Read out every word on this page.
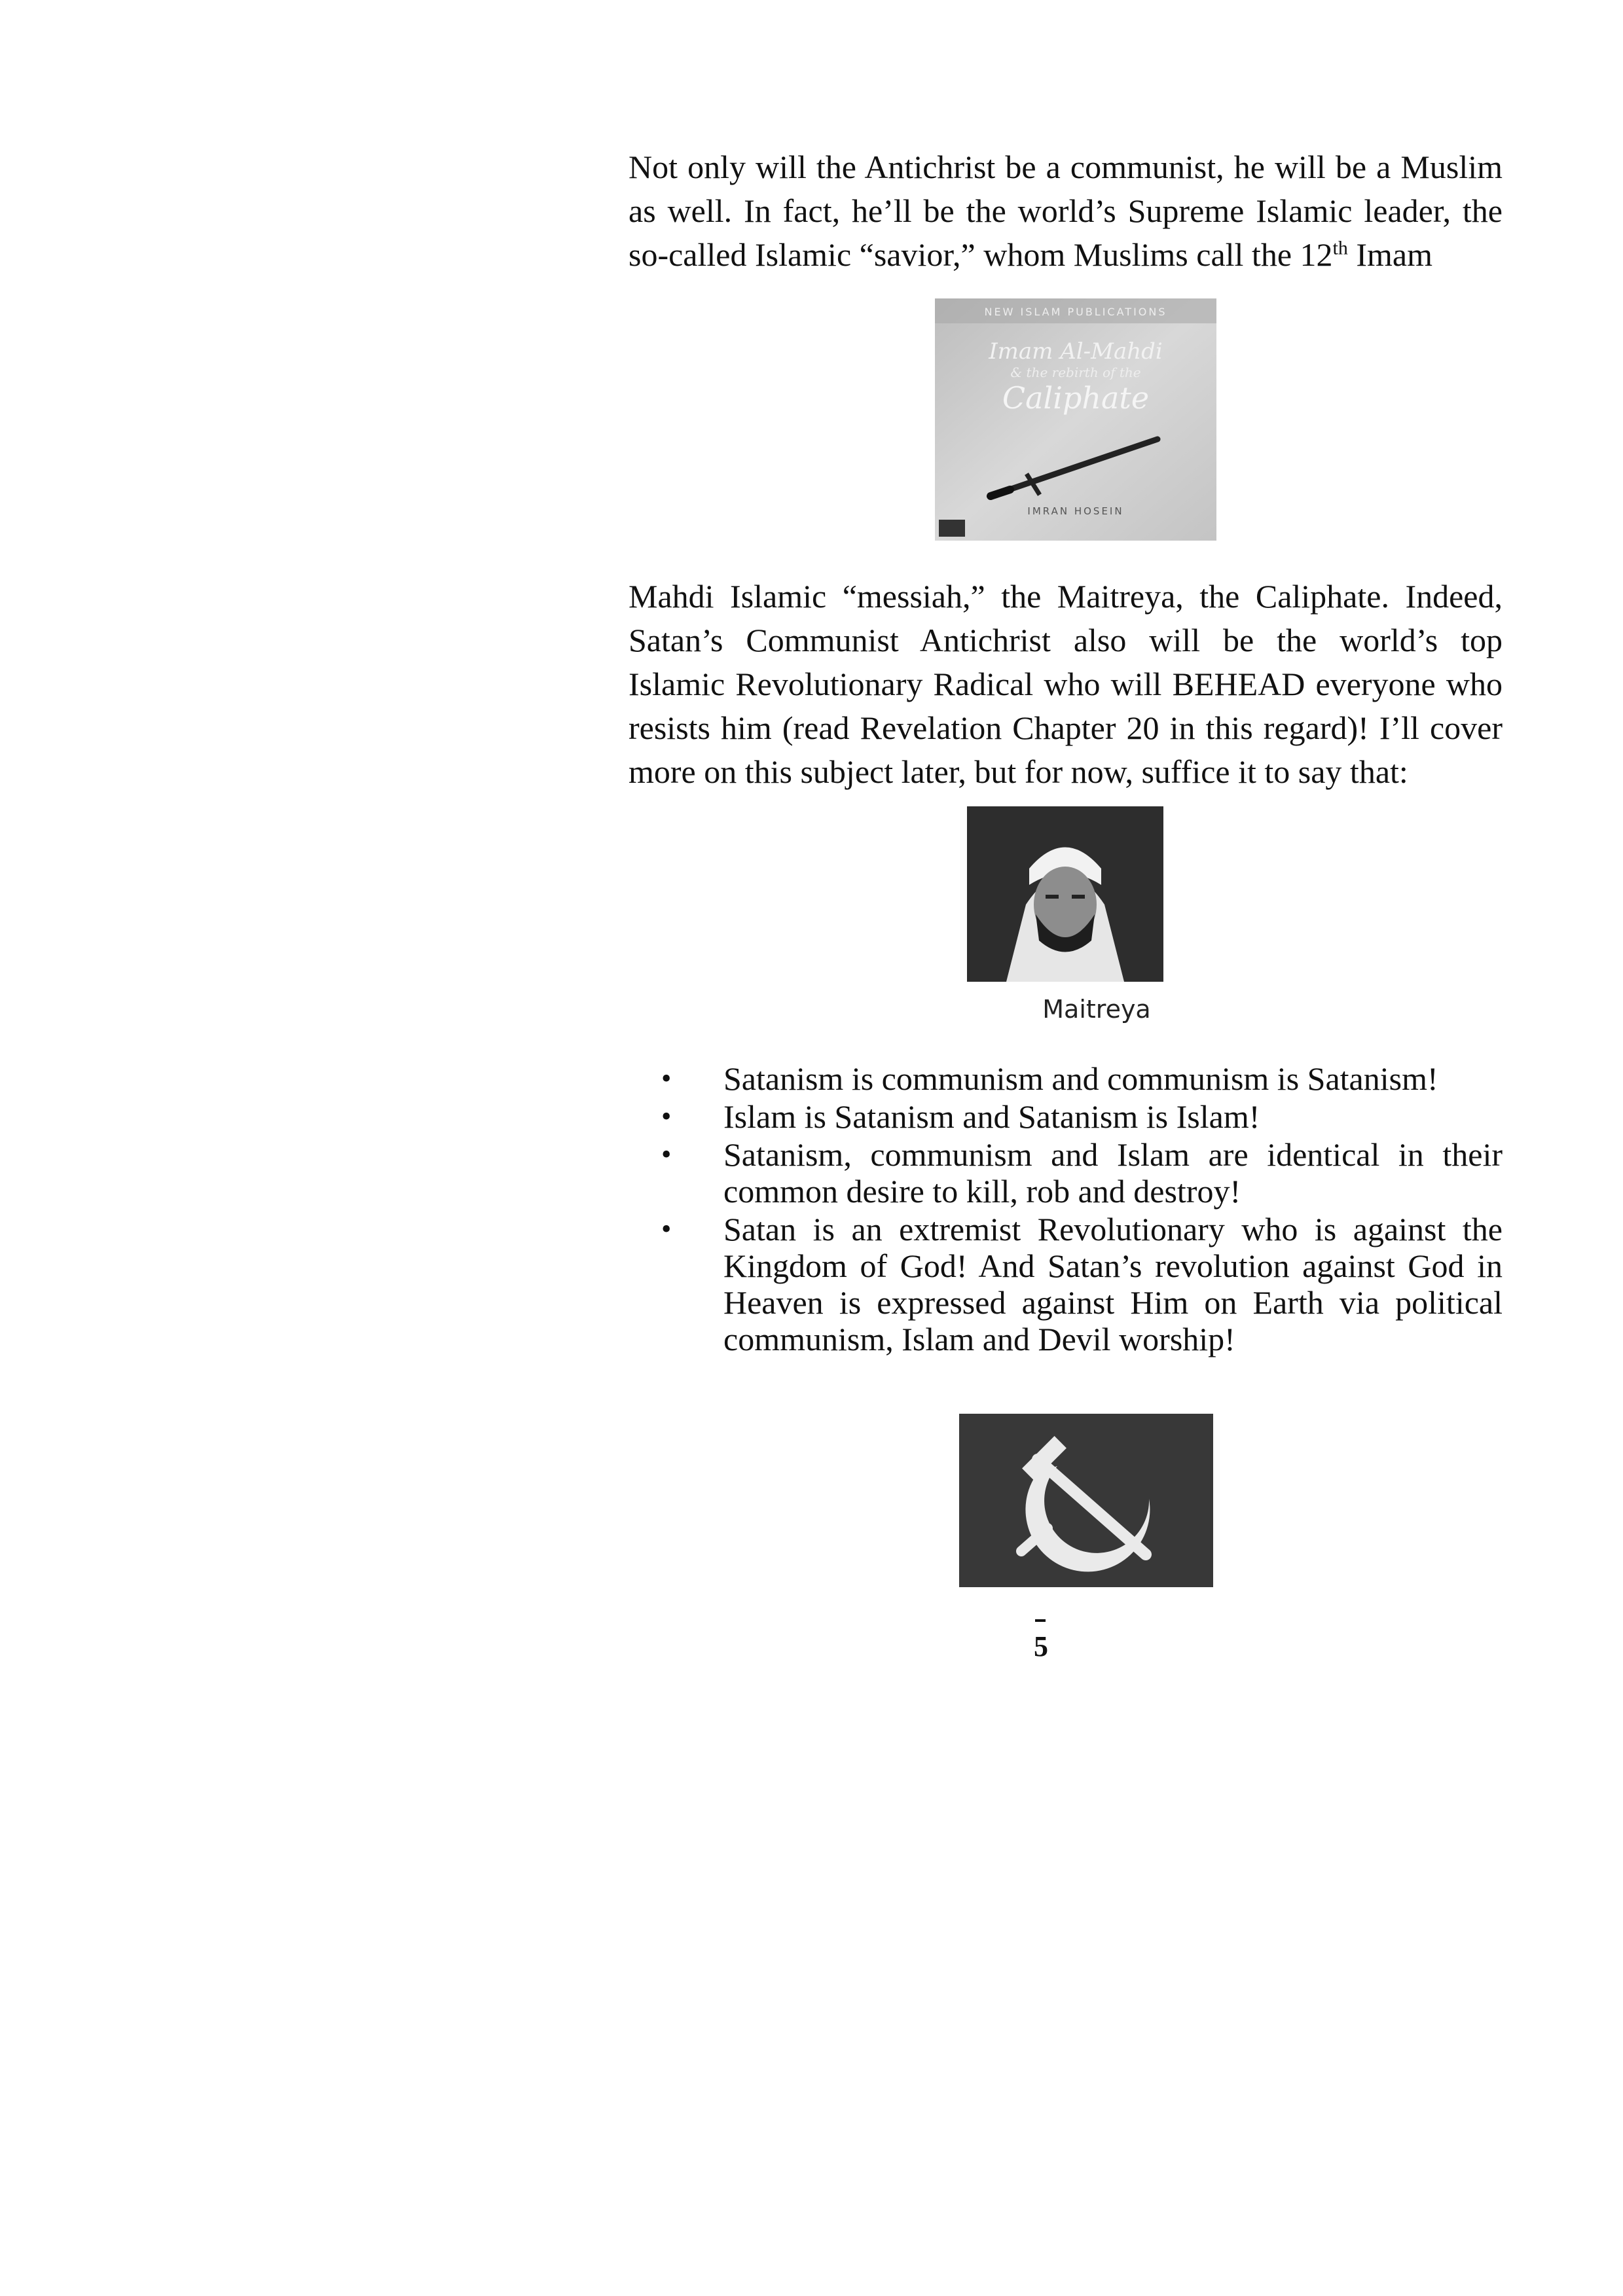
Not only will the Antichrist be a communist, he will be a Muslim
as well. In fact, he’ll be the world’s Supreme Islamic leader, the
so-called Islamic “savior,” whom Muslims call the 12th Imam
NEW ISLAM PUBLICATIONS
Imam Al-Mahdi
& the rebirth of the
Caliphate
IMRAN HOSEIN
Mahdi Islamic “messiah,” the Maitreya, the Caliphate. Indeed,
Satan’s Communist Antichrist also will be the world’s top
Islamic Revolutionary Radical who will BEHEAD everyone who
resists him (read Revelation Chapter 20 in this regard)! I’ll cover
more on this subject later, but for now, suffice it to say that:
Maitreya
• Satanism is communism and communism is Satanism!
• Islam is Satanism and Satanism is Islam!
• Satanism, communism and Islam are identical in their
common desire to kill, rob and destroy!
• Satan is an extremist Revolutionary who is against the
Kingdom of God! And Satan’s revolution against God in
Heaven is expressed against Him on Earth via political
communism, Islam and Devil worship!
5
